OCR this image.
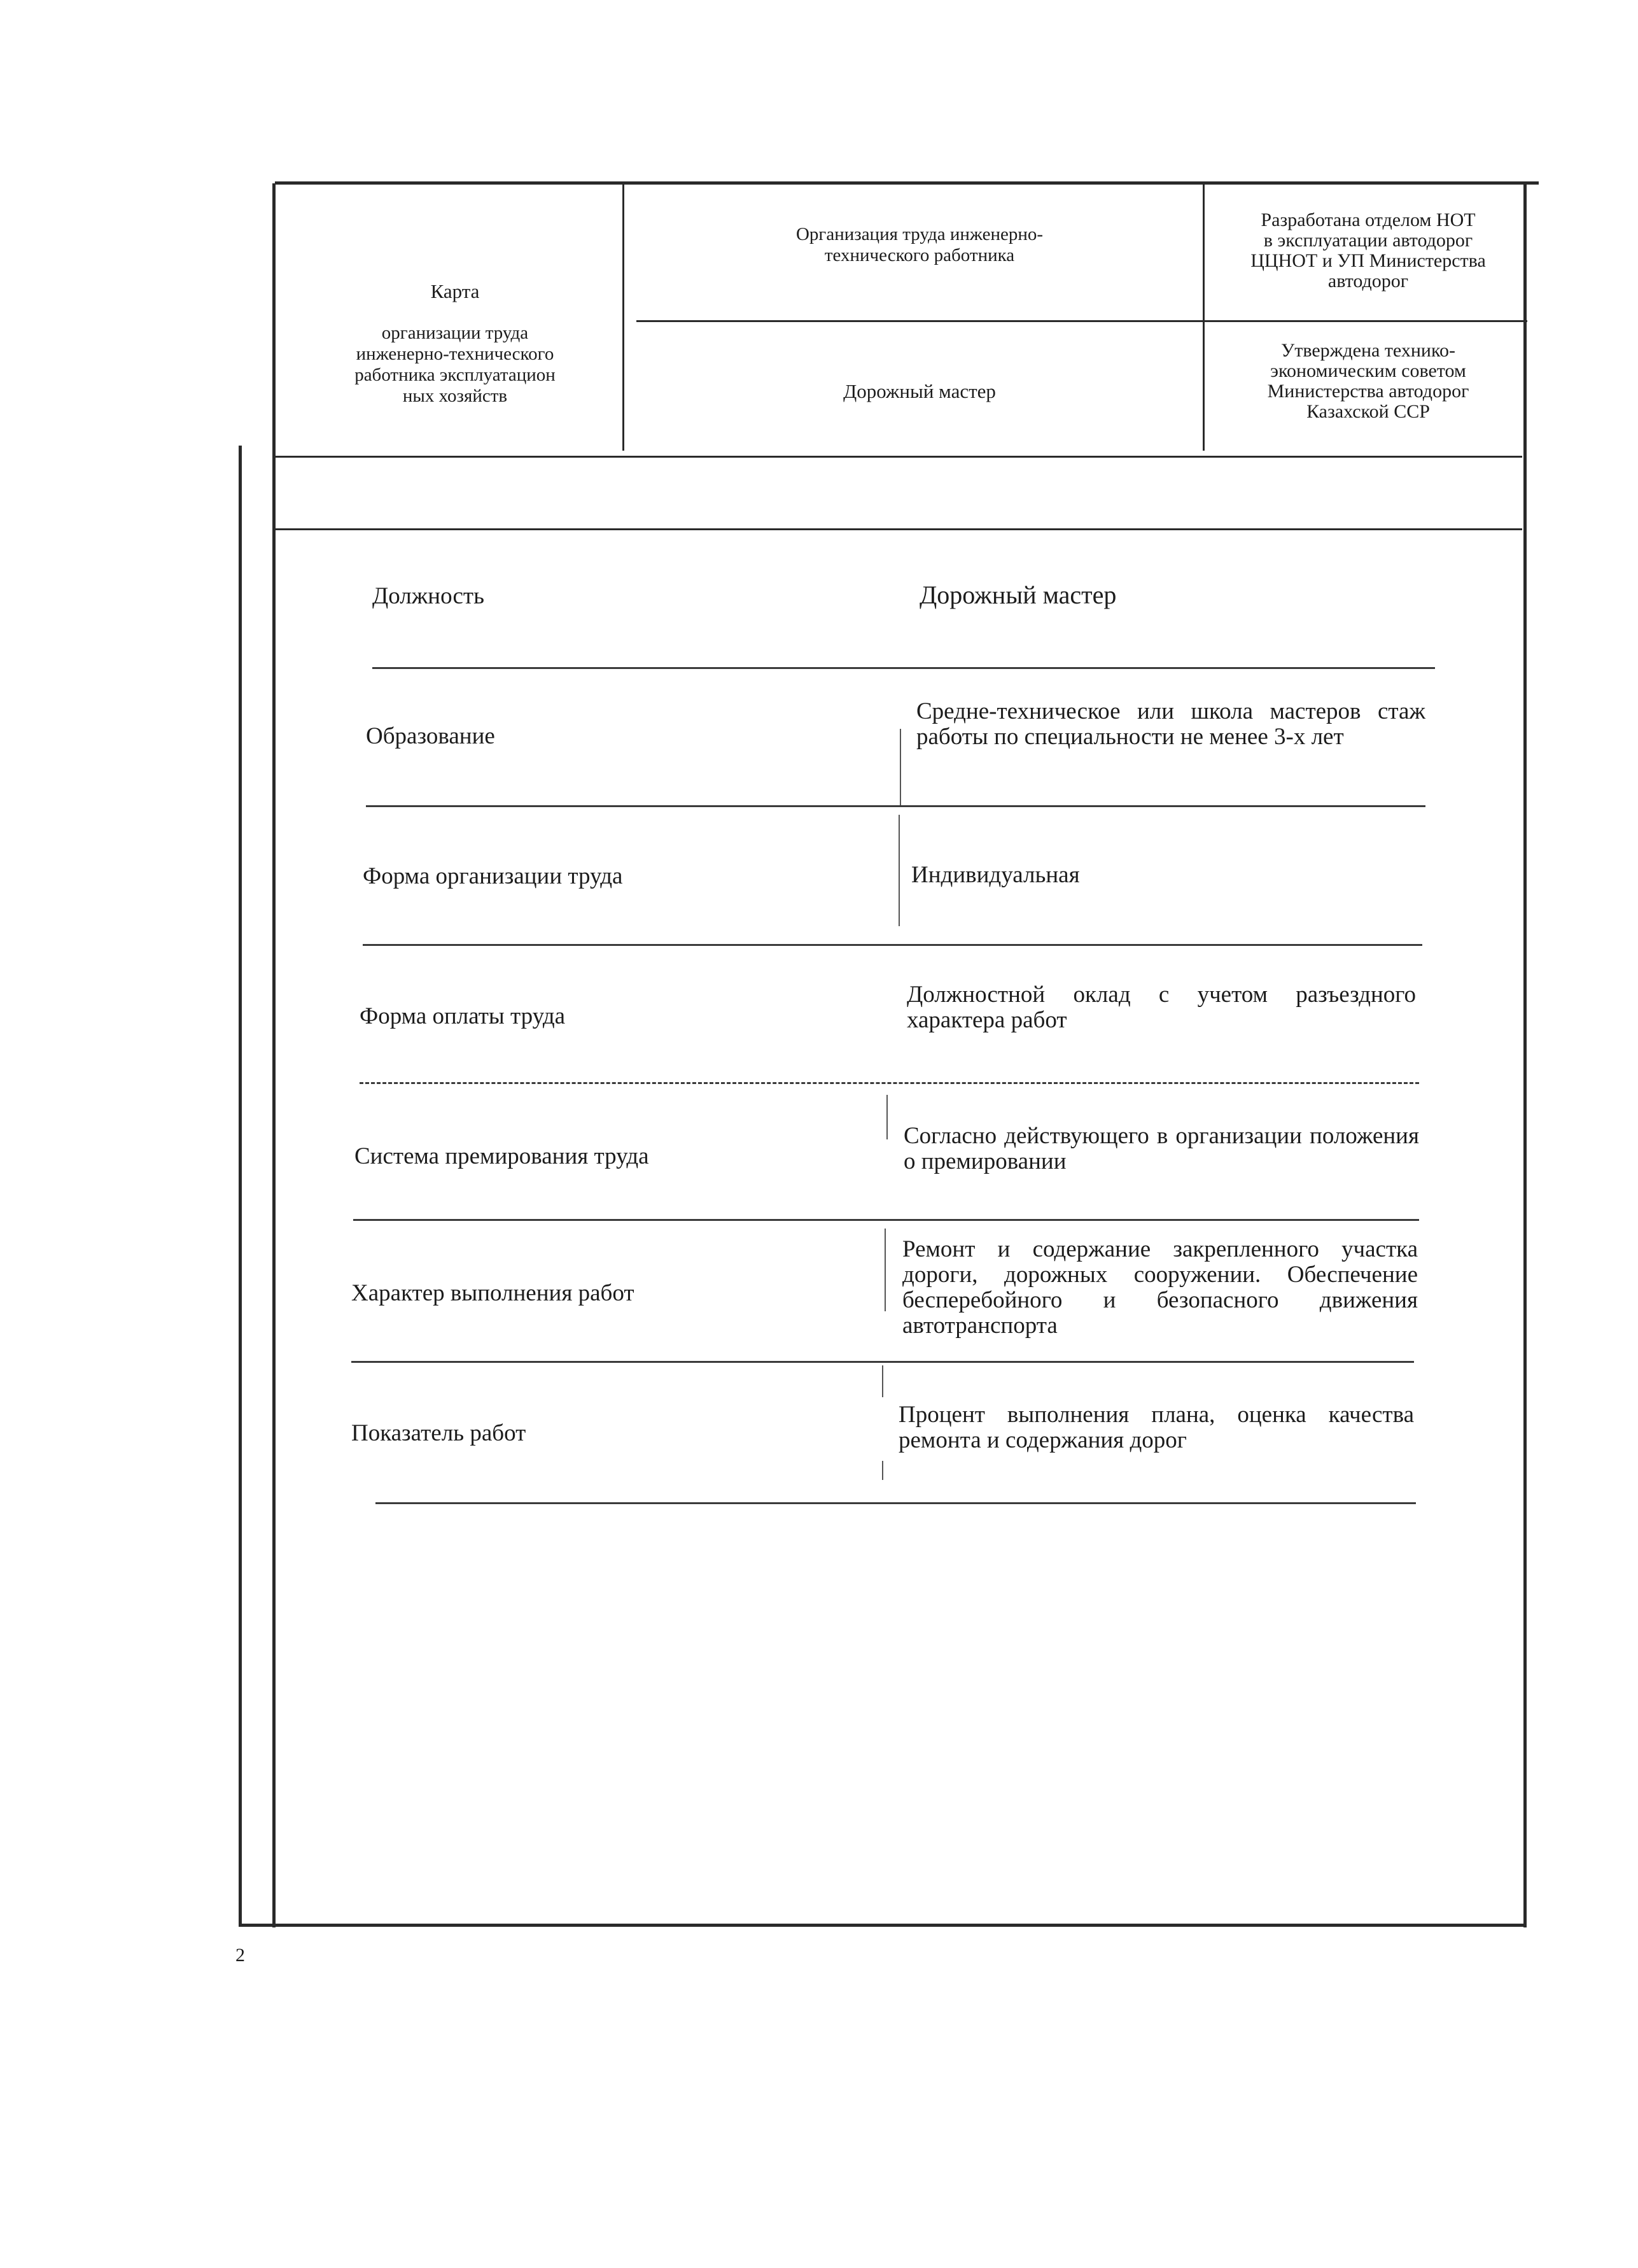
Карта

организации труда
инженерно-технического
работника эксплуатацион
ных хозяйств

Организация труда инженерно-
технического работника
Дорожный мастер
Разработана отделом НОТ
в эксплуатации автодорог
ЦЦНОТ и УП Министерства
автодорог
Утверждена технико-
экономическим советом
Министерства автодорог
Казахской ССР
Должность	Дорожный мастер
Образование
Средне-техническое или школа мастеров стаж работы по специальности не менее 3-х лет
Форма организации труда	Индивидуальная
Форма оплаты труда
Должностной оклад с учетом разъездного характера работ
Система премирования труда
Согласно действующего в организации положения о премировании
Характер выполнения работ
Ремонт и содержание закрепленного участка дороги, дорожных сооружении. Обеспечение бесперебойного и безопасного движения автотранспорта
Показатель работ
Процент выполнения плана, оценка качества ремонта и содержания дорог
2
